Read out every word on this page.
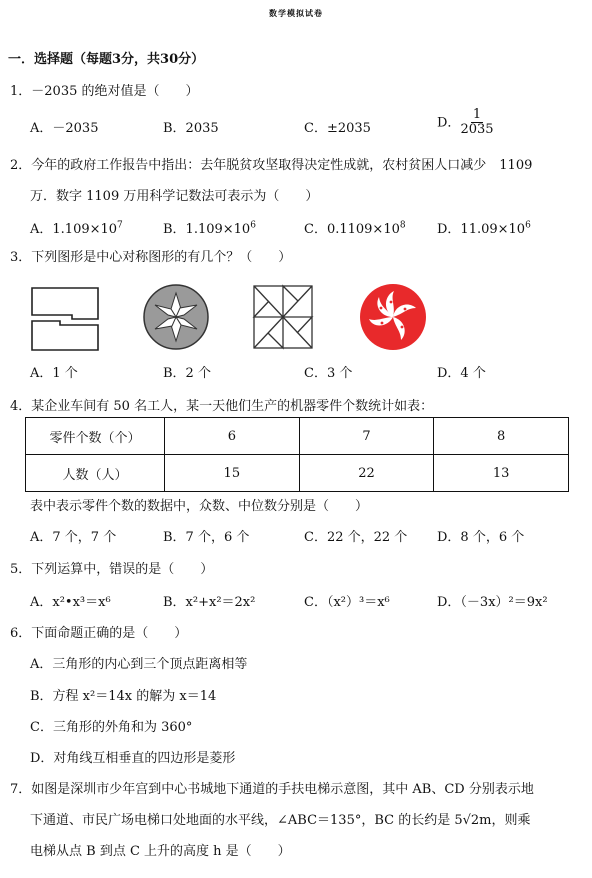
数学模拟试卷
一．选择题（每题3分，共30分）
1．－2035 的绝对值是（　　）
A．－2035	B．2035	C．±2035	D． $\frac{1}{2035}$
2．今年的政府工作报告中指出：去年脱贫攻坚取得决定性成就，农村贫困人口减少　1109
万．数字 1109 万用科学记数法可表示为（　　）
A．$1.109\times 10^7$	B．$1.109\times 10^6$	C．$0.1109\times 10^8$ D．$11.09\times 10^6$
3．下列图形是中心对称图形的有几个？（　　）
A．1 个	B．2 个	C．3 个	D．4 个
4．某企业车间有 50 名工人，某一天他们生产的机器零件个数统计如表：
零件个数（个）	6	7	8
人数（人）	15	22	13
表中表示零件个数的数据中，众数、中位数分别是（　　）
A．7 个，7 个	B．7 个，6 个	C．22 个，22 个 D．8 个，6 个
5．下列运算中，错误的是（　　）
A．x²•x³＝x⁶	B．x²+x²＝2x²	C．（x²）³＝x⁶	D．（－3x）²＝9x²
6．下面命题正确的是（　　）
A．三角形的内心到三个顶点距离相等
B．方程 x²＝14x 的解为 x＝14
C．三角形的外角和为 360°
D．对角线互相垂直的四边形是菱形
7．如图是深圳市少年宫到中心书城地下通道的手扶电梯示意图，其中 AB、CD 分别表示地
下通道、市民广场电梯口处地面的水平线，∠ABC＝135°，BC 的长约是 5√2m，则乘
电梯从点 B 到点 C 上升的高度 h 是（　　）
